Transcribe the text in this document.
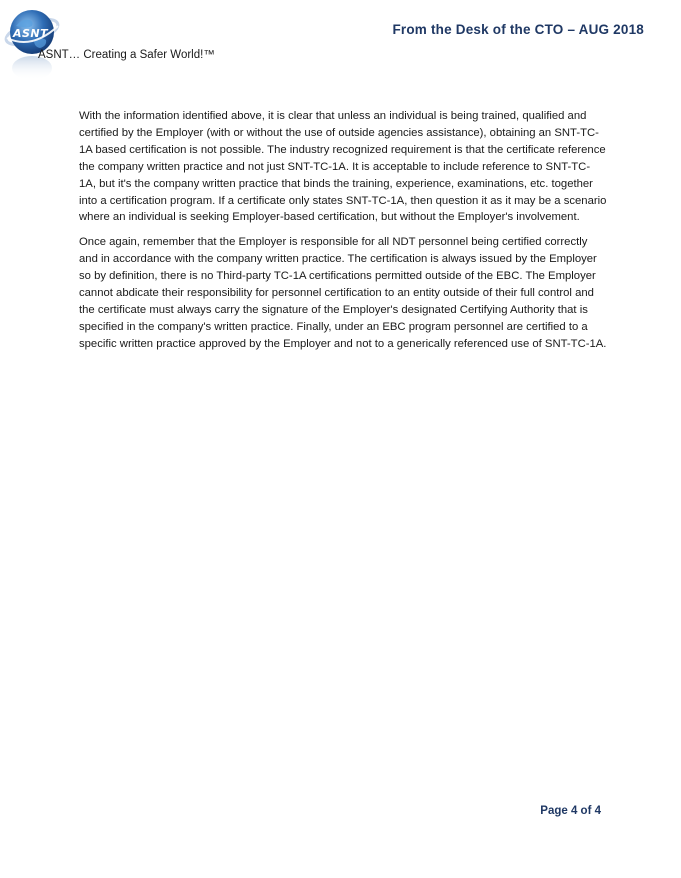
ASNT
ASNT… Creating a Safer World!™
From the Desk of the CTO – AUG 2018

With the information identified above, it is clear that unless an individual is being trained, qualified and certified by the Employer (with or without the use of outside agencies assistance), obtaining an SNT-TC-1A based certification is not possible. The industry recognized requirement is that the certificate reference the company written practice and not just SNT-TC-1A. It is acceptable to include reference to SNT-TC-1A, but it's the company written practice that binds the training, experience, examinations, etc. together into a certification program. If a certificate only states SNT-TC-1A, then question it as it may be a scenario where an individual is seeking Employer-based certification, but without the Employer's involvement.

Once again, remember that the Employer is responsible for all NDT personnel being certified correctly and in accordance with the company written practice. The certification is always issued by the Employer so by definition, there is no Third-party TC-1A certifications permitted outside of the EBC. The Employer cannot abdicate their responsibility for personnel certification to an entity outside of their full control and the certificate must always carry the signature of the Employer's designated Certifying Authority that is specified in the company's written practice. Finally, under an EBC program personnel are certified to a specific written practice approved by the Employer and not to a generically referenced use of SNT-TC-1A.

Page 4 of 4
